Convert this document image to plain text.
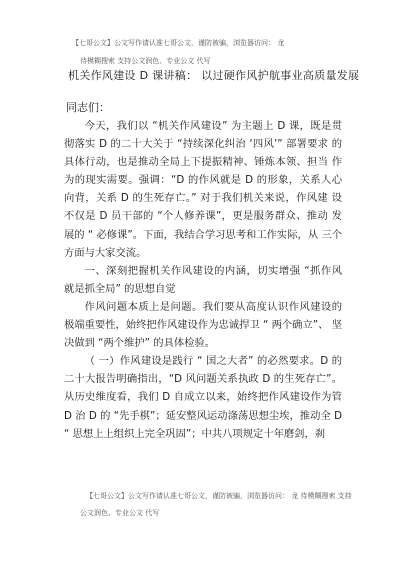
【七哥公文】公文写作请认准七哥公文，谨防被骗，浏览器访问： 龙
待模糊搜索 支持公文润色、专业公文 代写
机关作风建设 D 课讲稿： 以过硬作风护航事业高质量发展
同志们：

今天，我们以 “机关作风建设” 为主题上 D 课，既是贯 彻落实 D 的二十大关于 “持续深化纠治 ‘四风’” 部署要求 的具体行动，也是推动全局上下提振精神、锤炼本领、担当 作为的现实需要。强调：“D 的作风就是 D 的形象，关系人心 向背，关系 D 的生死存亡。” 对于我们机关来说，作风建 设不仅是 D 员干部的 “个人修养课”，更是服务群众、推动 发展的 “ 必修课”。下面，我结合学习思考和工作实际，从 三个方面与大家交流。

一、深刻把握机关作风建设的内涵，切实增强 “抓作风 就是抓全局” 的思想自觉

作风问题本质上是问题。我们要从高度认识作风建设的 极端重要性，始终把作风建设作为忠诚捍卫 “ 两个确立”、 坚决做到 “两个维护” 的具体检验。

（ 一）作风建设是践行 “ 国之大者” 的必然要求。D 的 二十大报告明确指出，“D 风问题关系执政 D 的生死存亡”。 从历史维度看，我们 D 自成立以来，始终把作风建设作为管 D 治 D 的 “先手棋”；延安整风运动涤荡思想尘埃，推动全 D “ 思想上上组织上完全巩固”；中共八项规定十年磨剑，刹

【七哥公文】公文写作请认准七哥公文，谨防被骗，浏览器访问： 龙 待模糊搜索 支持
公文润色、专业公文 代写
